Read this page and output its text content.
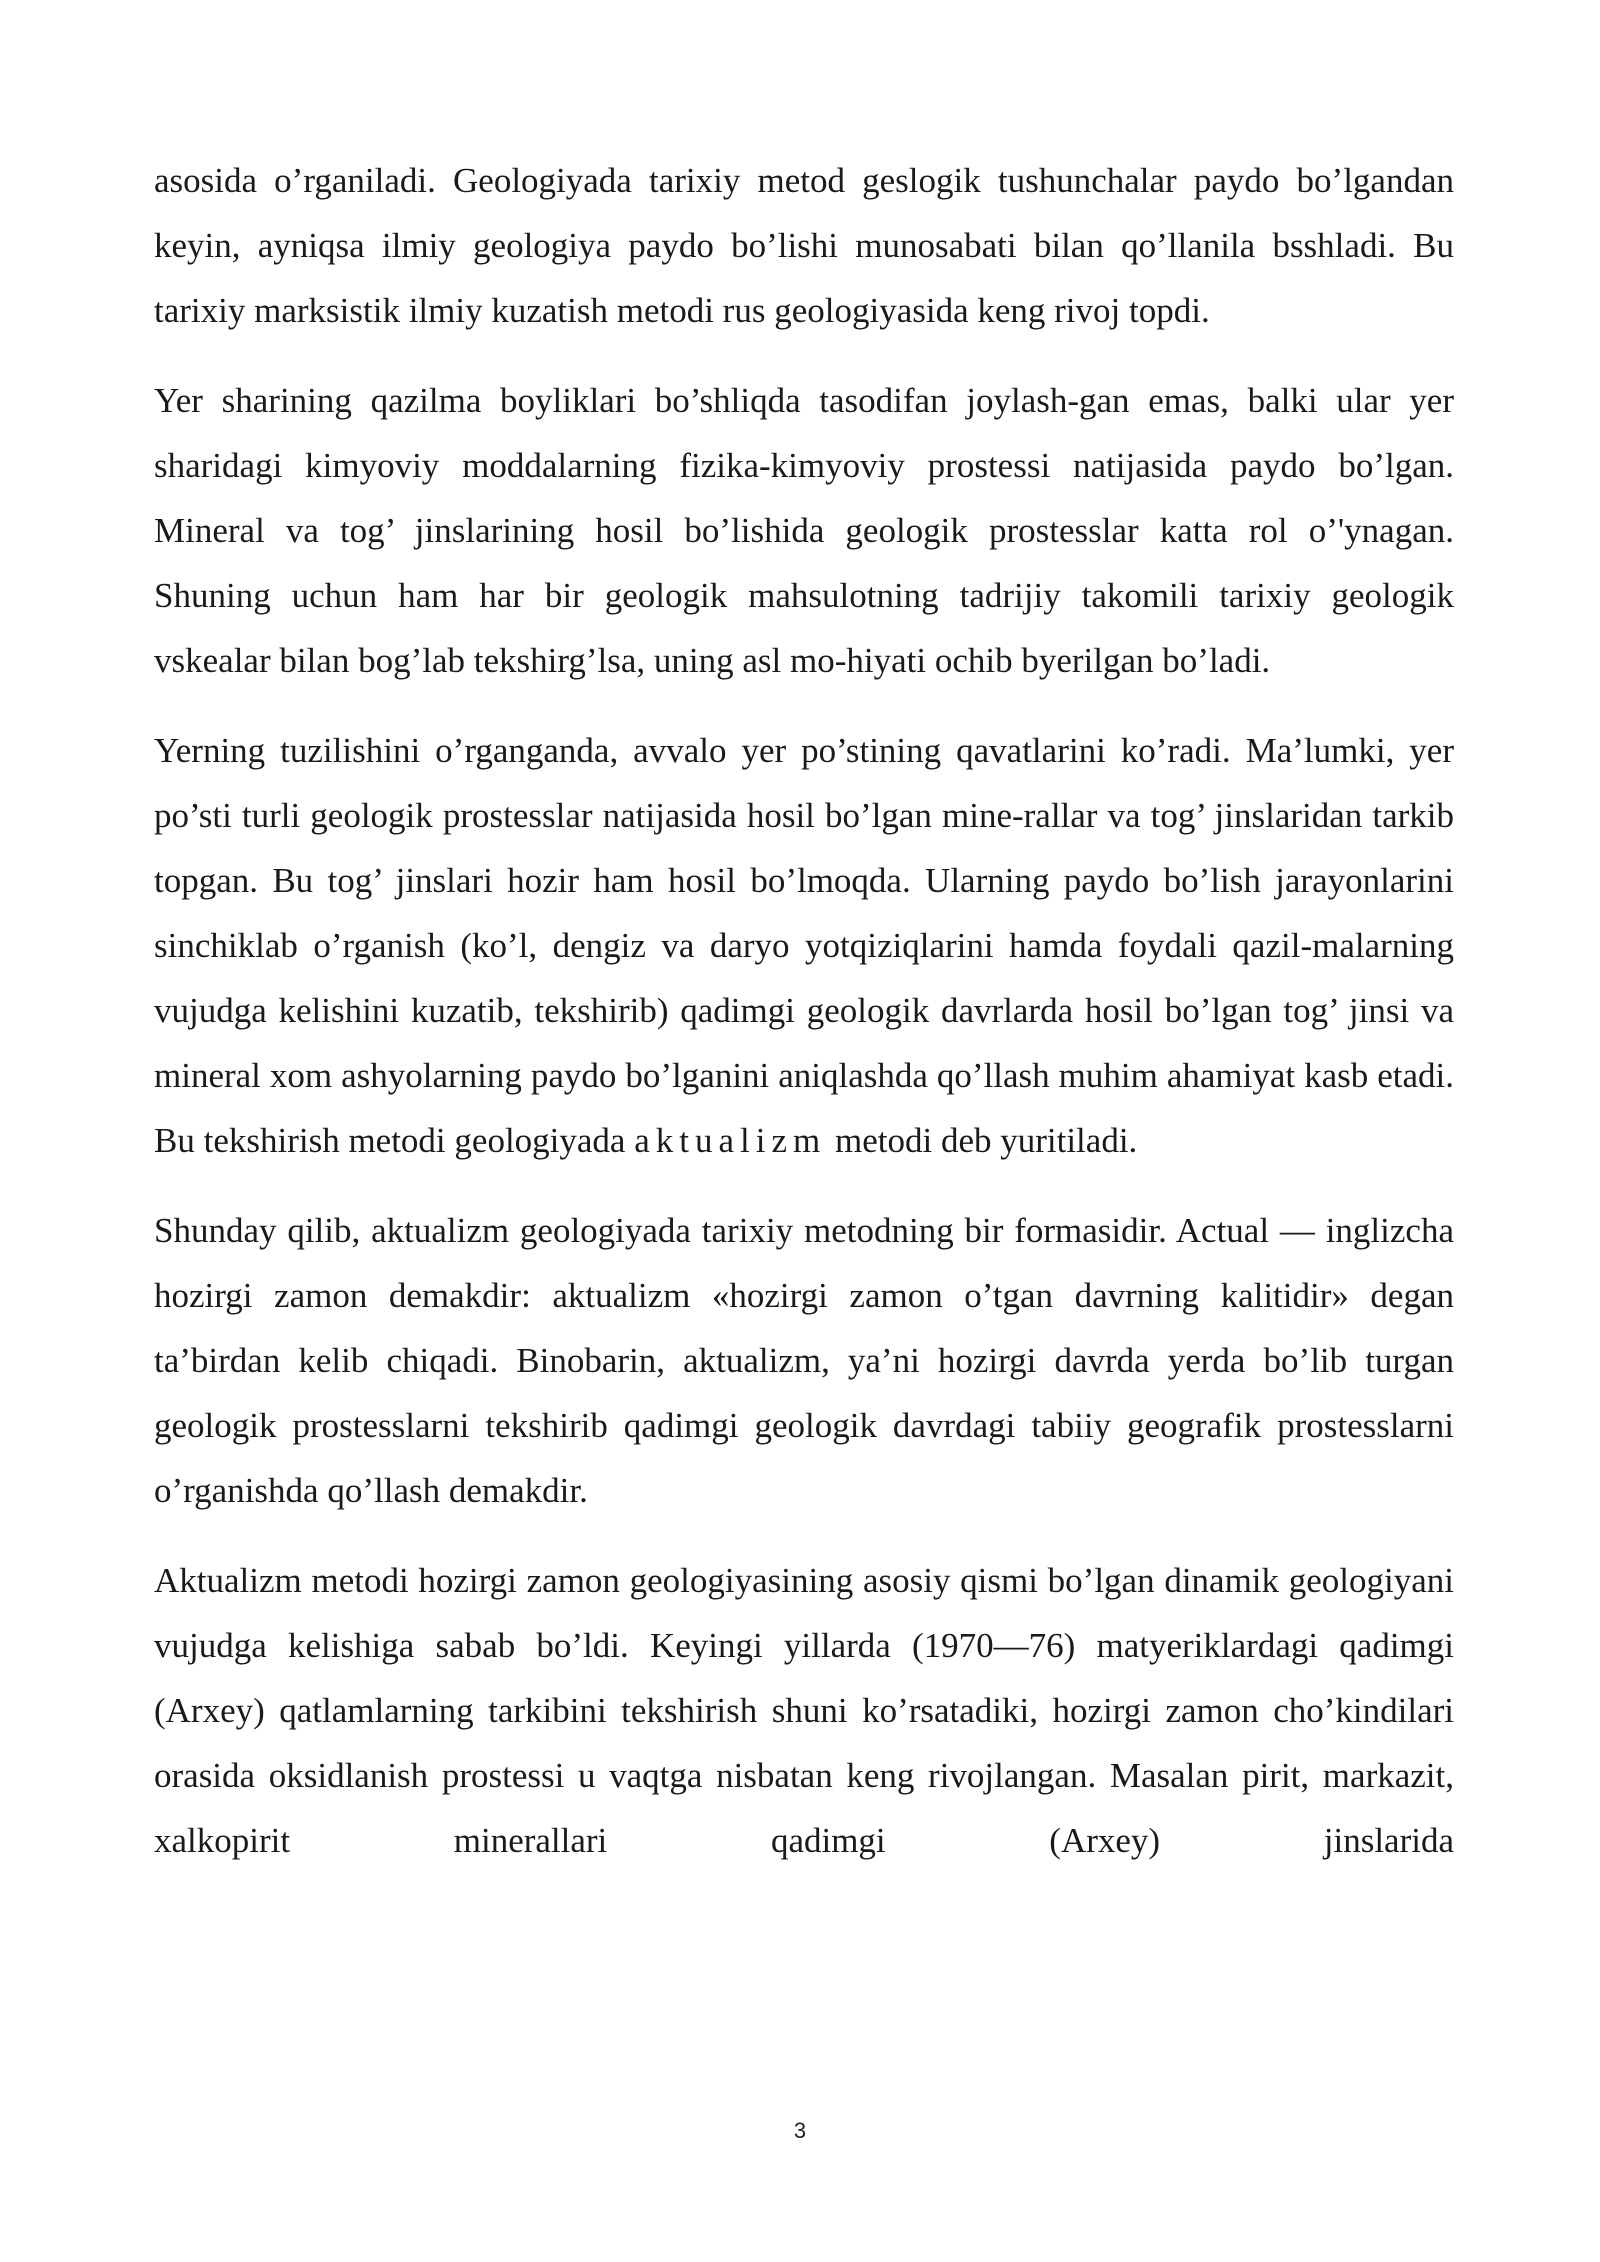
asosida o’rganiladi. Geologiyada tarixiy metod geslogik tushunchalar paydo bo’lgandan keyin, ayniqsa ilmiy geologiya paydo bo’lishi munosabati bilan qo’llanila bsshladi. Bu tarixiy marksistik ilmiy kuzatish metodi rus geologiyasida keng rivoj topdi.

Yer sharining qazilma boyliklari bo’shliqda tasodifan joylash-gan emas, balki ular yer sharidagi kimyoviy moddalarning fizika-kimyoviy prostessi natijasida paydo bo’lgan. Mineral va tog’ jinslarining hosil bo’lishida geologik prostesslar katta rol o’'ynagan. Shuning uchun ham har bir geologik mahsulotning tadrijiy takomili tarixiy geologik vskealar bilan bog’lab tekshirg’lsa, uning asl mo-hiyati ochib byerilgan bo’ladi.

Yerning tuzilishini o’rganganda, avvalo yer po’stining qavatlarini ko’radi. Ma’lumki, yer po’sti turli geologik prostesslar natijasida hosil bo’lgan mine-rallar va tog’ jinslaridan tarkib topgan. Bu tog’ jinslari hozir ham hosil bo’lmoqda. Ularning paydo bo’lish jarayonlarini sinchiklab o’rganish (ko’l, dengiz va daryo yotqiziqlarini hamda foydali qazil-malarning vujudga kelishini kuzatib, tekshirib) qadimgi geologik davrlarda hosil bo’lgan tog’ jinsi va mineral xom ashyolarning paydo bo’lganini aniqlashda qo’llash muhim ahamiyat kasb etadi. Bu tekshirish metodi geologiyada aktualizm metodi deb yuritiladi.

Shunday qilib, aktualizm geologiyada tarixiy metodning bir formasidir. Actual — inglizcha hozirgi zamon demakdir: aktualizm «hozirgi zamon o’tgan davrning kalitidir» degan ta’birdan kelib chiqadi. Binobarin, aktualizm, ya’ni hozirgi davrda yerda bo’lib turgan geologik prostesslarni tekshirib qadimgi geologik davrdagi tabiiy geografik prostesslarni o’rganishda qo’llash demakdir.

Aktualizm metodi hozirgi zamon geologiyasining asosiy qismi bo’lgan dinamik geologiyani vujudga kelishiga sabab bo’ldi. Keyingi yillarda (1970—76) matyeriklardagi qadimgi (Arxey) qatlamlarning tarkibini tekshirish shuni ko’rsatadiki, hozirgi zamon cho’kindilari orasida oksidlanish prostessi u vaqtga nisbatan keng rivojlangan. Masalan pirit, markazit, xalkopirit minerallari qadimgi (Arxey) jinslarida

3
